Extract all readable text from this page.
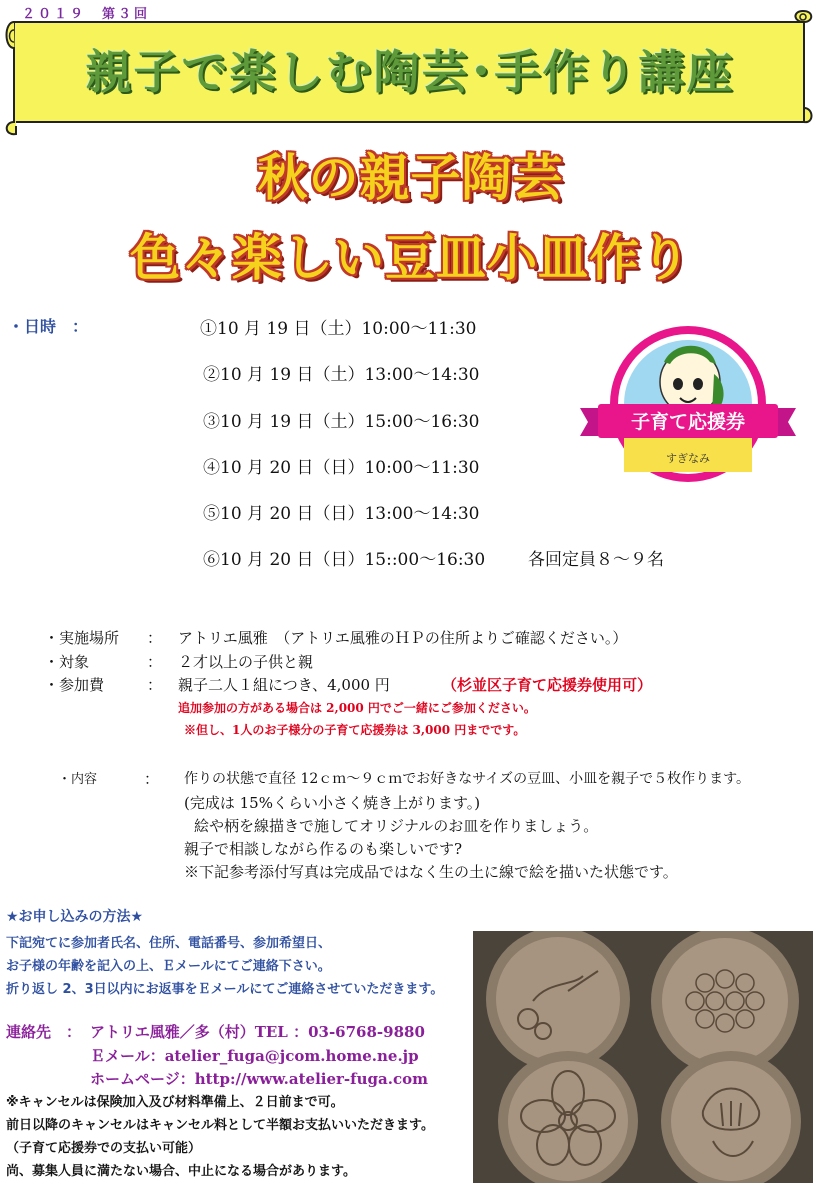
２０１９　第３回
親子で楽しむ陶芸･手作り講座
秋の親子陶芸
色々楽しい豆皿小皿作り
・日時　：	①10 月 19 日（土）10:00～11:30
②10 月 19 日（土）13:00～14:30
③10 月 19 日（土）15:00～16:30
④10 月 20 日（日）10:00～11:30
⑤10 月 20 日（日）13:00～14:30
⑥10 月 20 日（日）15::00～16:30	各回定員８～９名
子育て応援券
すぎなみ
・実施場所 ： アトリエ風雅　（アトリエ風雅のＨＰの住所よりご確認ください。）
・対象	： ２才以上の子供と親
・参加費	： 親子二人１組につき、4,000 円	（杉並区子育て応援券使用可）
追加参加の方がある場合は 2,000 円でご一緒にご参加ください。
※但し、1人のお子様分の子育て応援券は 3,000 円までです。
・内容	： 作りの状態で直径 12ｃｍ～９ｃｍでお好きなサイズの豆皿、小皿を親子で５枚作ります。
(完成は 15%くらい小さく焼き上がります。)
絵や柄を線描きで施してオリジナルのお皿を作りましょう。
親子で相談しながら作るのも楽しいです?
※下記参考添付写真は完成品ではなく生の土に線で絵を描いた状態です。
★お申し込みの方法★
下記宛てに参加者氏名、住所、電話番号、参加希望日、
お子様の年齢を記入の上、Ｅメールにてご連絡下さい。
折り返し 2、3日以内にお返事をＥメールにてご連絡させていただきます。
連絡先　： アトリエ風雅／多（村）TEL ：03-6768-9880
Ｅメール：atelier_fuga@jcom.home.ne.jp
ホームページ：http://www.atelier-fuga.com
※キャンセルは保険加入及び材料準備上、２日前まで可。
前日以降のキャンセルはキャンセル料として半額お支払いいただきます。
（子育て応援券での支払い可能）
尚、募集人員に満たない場合、中止になる場合があります。
